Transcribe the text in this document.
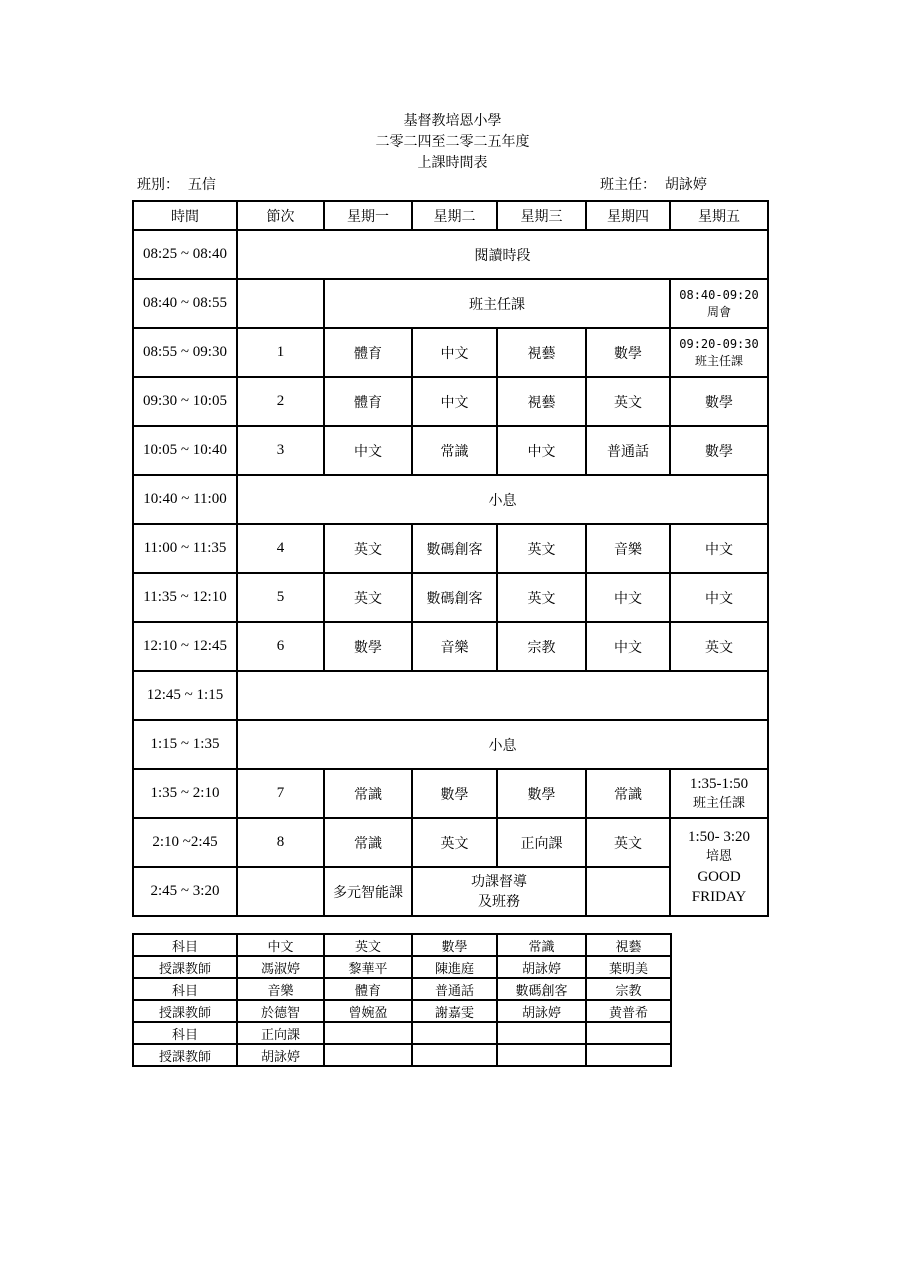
基督教培恩小學
二零二四至二零二五年度
上課時間表
班別： 五信	班主任： 胡詠婷
時間	節次	星期一	星期二	星期三	星期四	星期五
08:25 ~ 08:40	閱讀時段					
08:40 ~ 08:55		班主任課				08:40-09:20
周會

08:55 ~ 09:30	1	體育	中文	視藝	數學	09:20-09:30
班主任課

09:30 ~ 10:05	2	體育	中文	視藝	英文	數學
10:05 ~ 10:40	3	中文	常識	中文	普通話	數學
10:40 ~ 11:00	小息					
11:00 ~ 11:35	4	英文	數碼創客	英文	音樂	中文
11:35 ~ 12:10	5	英文	數碼創客	英文	中文	中文
12:10 ~ 12:45	6	數學	音樂	宗教	中文	英文
12:45 ~ 1:15						
1:15 ~ 1:35	小息					
1:35 ~ 2:10	7	常識	數學	數學	常識	1:35-1:50
班主任課

2:10 ~2:45	8	常識	英文	正向課	英文	1:50- 3:20
培恩
GOOD FRIDAY

2:45 ~ 3:20		多元智能課	功課督導
及班務			

科目	中文	英文	數學	常識	視藝
授課教師	馮淑婷	黎華平	陳進庭	胡詠婷	葉明美
科目	音樂	體育	普通話	數碼創客	宗教
授課教師	於德智	曾婉盈	謝嘉雯	胡詠婷	黄普希
科目	正向課				
授課教師	胡詠婷				
